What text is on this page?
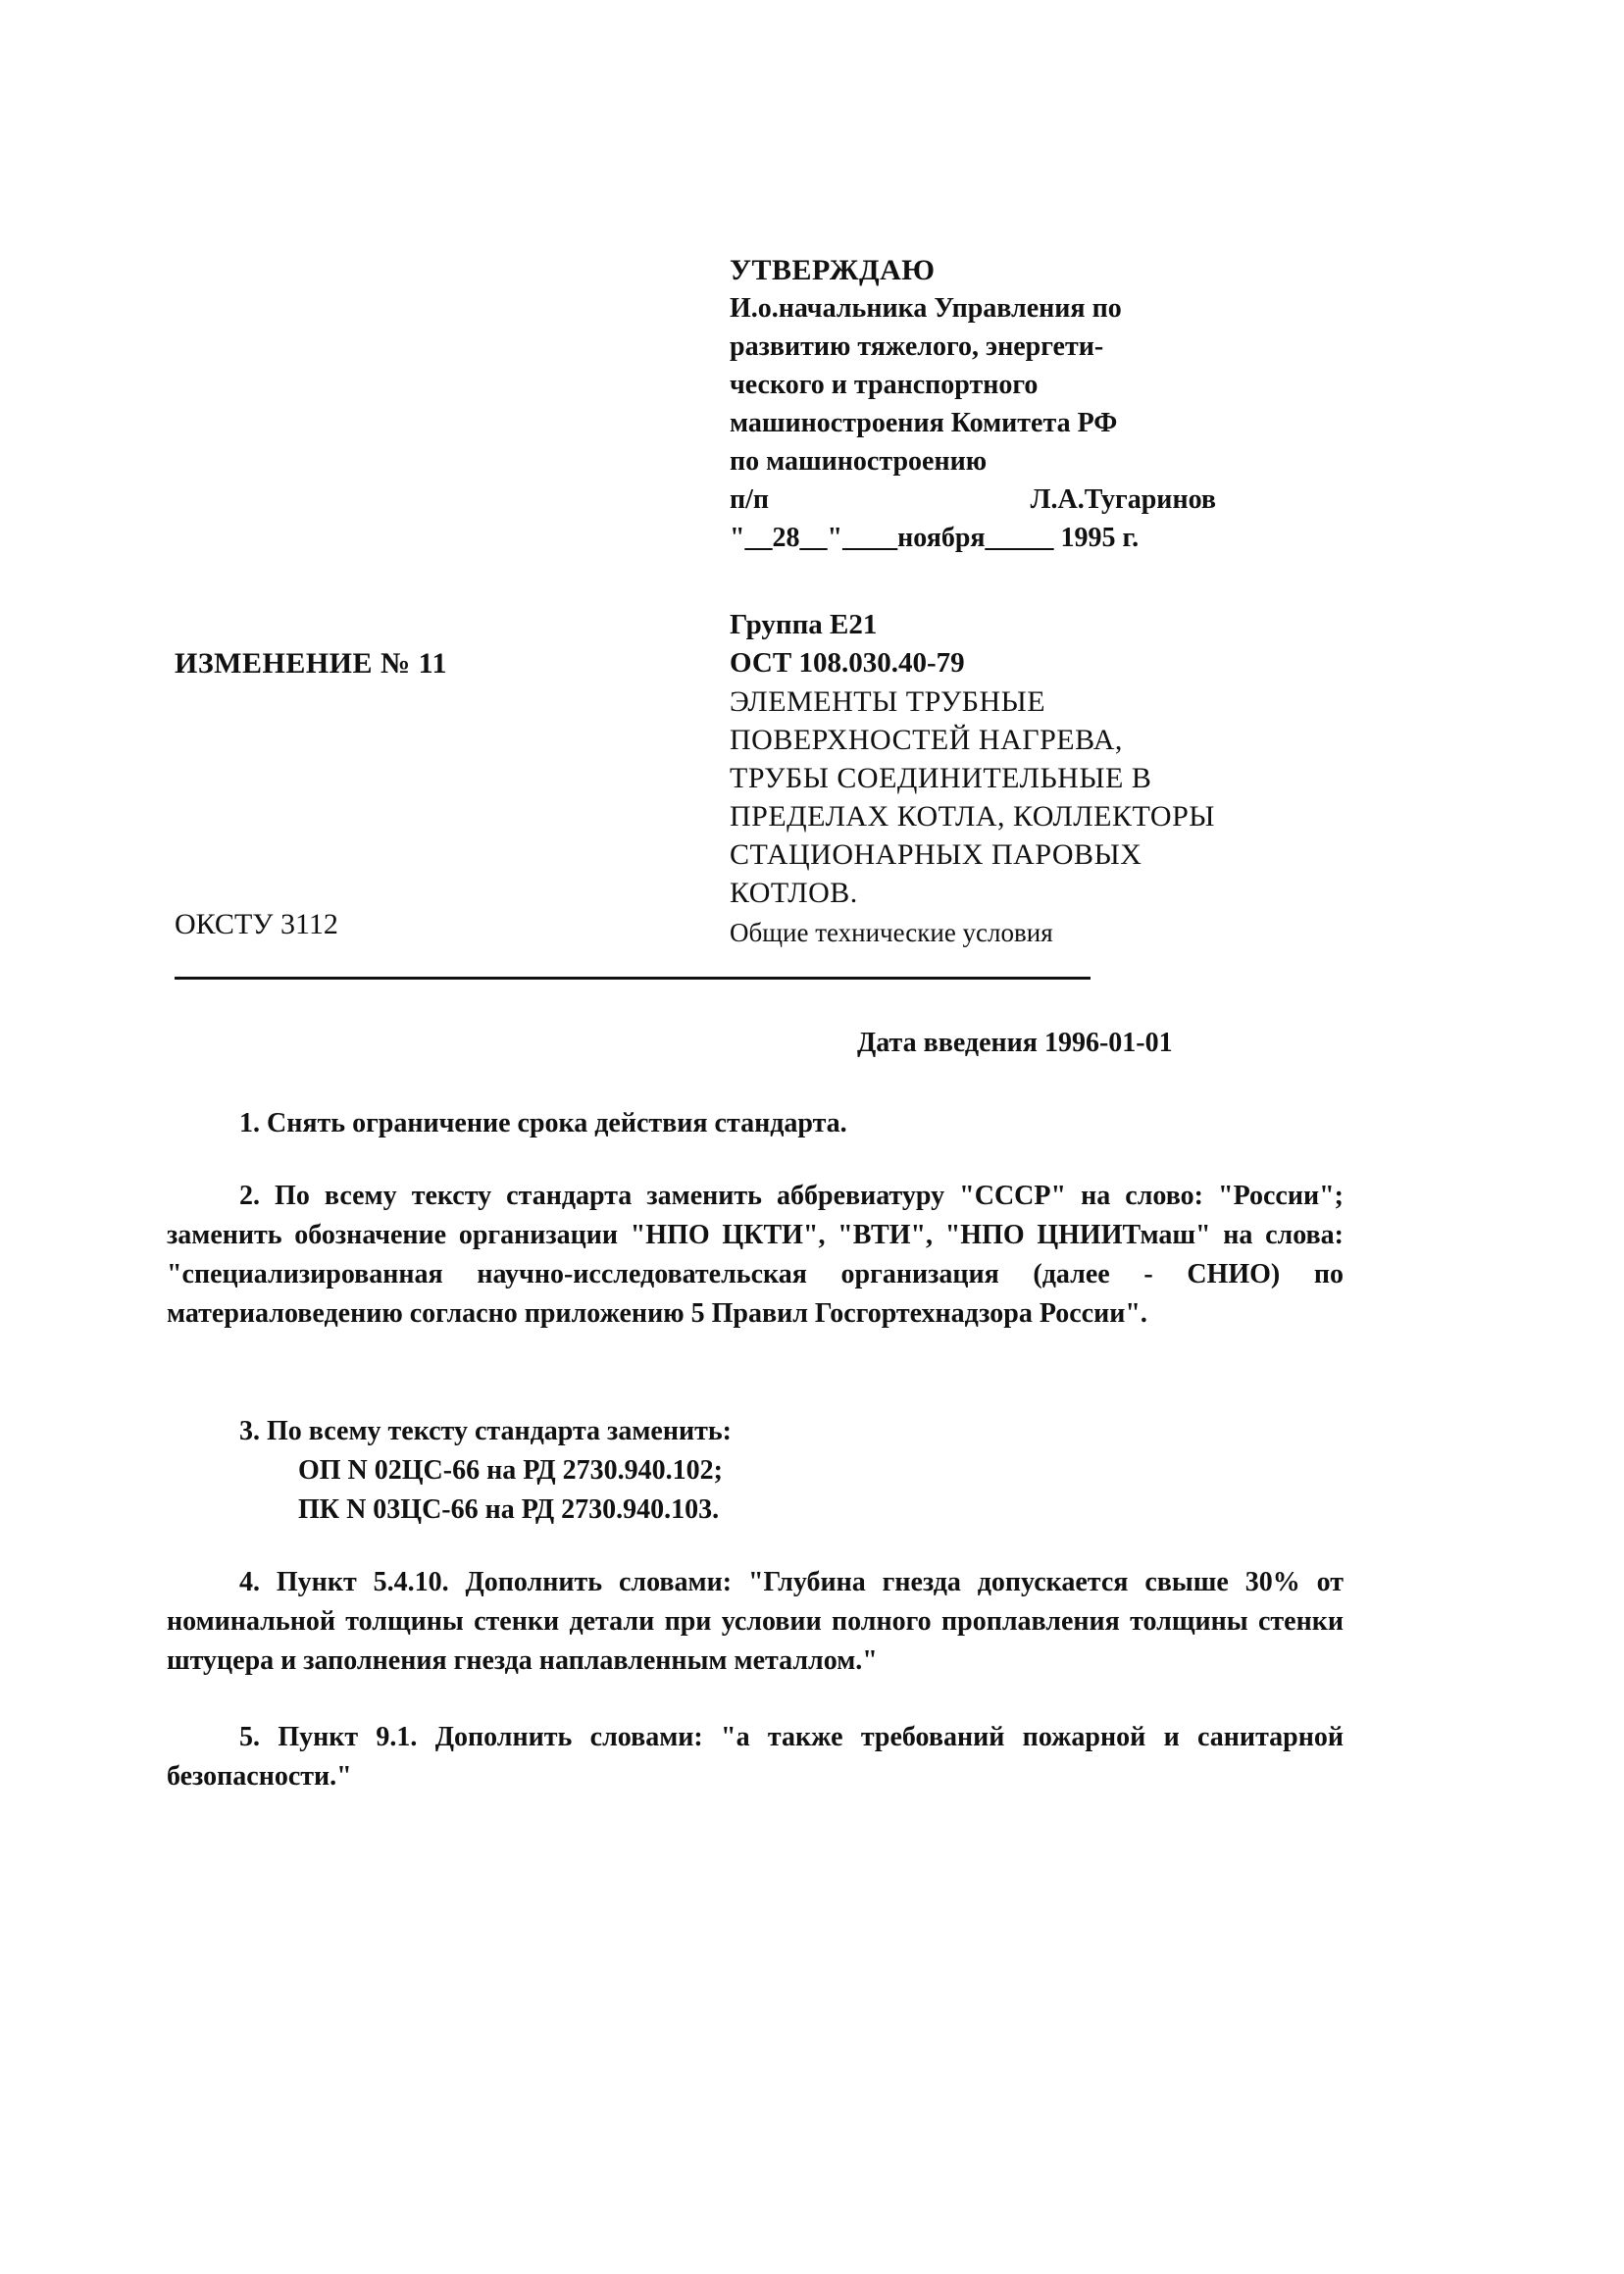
УТВЕРЖДАЮ
И.о.начальника Управления по
развитию тяжелого, энергети-
ческого и транспортного
машиностроения Комитета РФ
по машиностроению
п/п	Л.А.Тугаринов
"__28__"____ноября_____ 1995 г.
ИЗМЕНЕНИЕ № 11
Группа Е21
ОСТ 108.030.40-79
ЭЛЕМЕНТЫ ТРУБНЫЕ
ПОВЕРХНОСТЕЙ НАГРЕВА,
ТРУБЫ СОЕДИНИТЕЛЬНЫЕ В
ПРЕДЕЛАХ КОТЛА, КОЛЛЕКТОРЫ
СТАЦИОНАРНЫХ ПАРОВЫХ
КОТЛОВ.
Общие технические условия
ОКСТУ 3112
Дата введения 1996-01-01

1. Снять ограничение срока действия стандарта.

2. По всему тексту стандарта заменить аббревиатуру "СССР" на слово: "России"; заменить обозначение организации "НПО ЦКТИ", "ВТИ", "НПО ЦНИИТмаш" на слова: "специализированная научно-исследовательская организация (далее - СНИО) по материаловедению согласно приложению 5 Правил Госгортехнадзора России".

3. По всему тексту стандарта заменить:

ОП N 02ЦС-66 на РД 2730.940.102;

ПК N 03ЦС-66 на РД 2730.940.103.

4. Пункт 5.4.10. Дополнить словами: "Глубина гнезда допускается свыше 30% от номинальной толщины стенки детали при условии полного проплавления толщины стенки штуцера и заполнения гнезда наплавленным металлом."

5. Пункт 9.1. Дополнить словами: "а также требований пожарной и санитарной безопасности."
